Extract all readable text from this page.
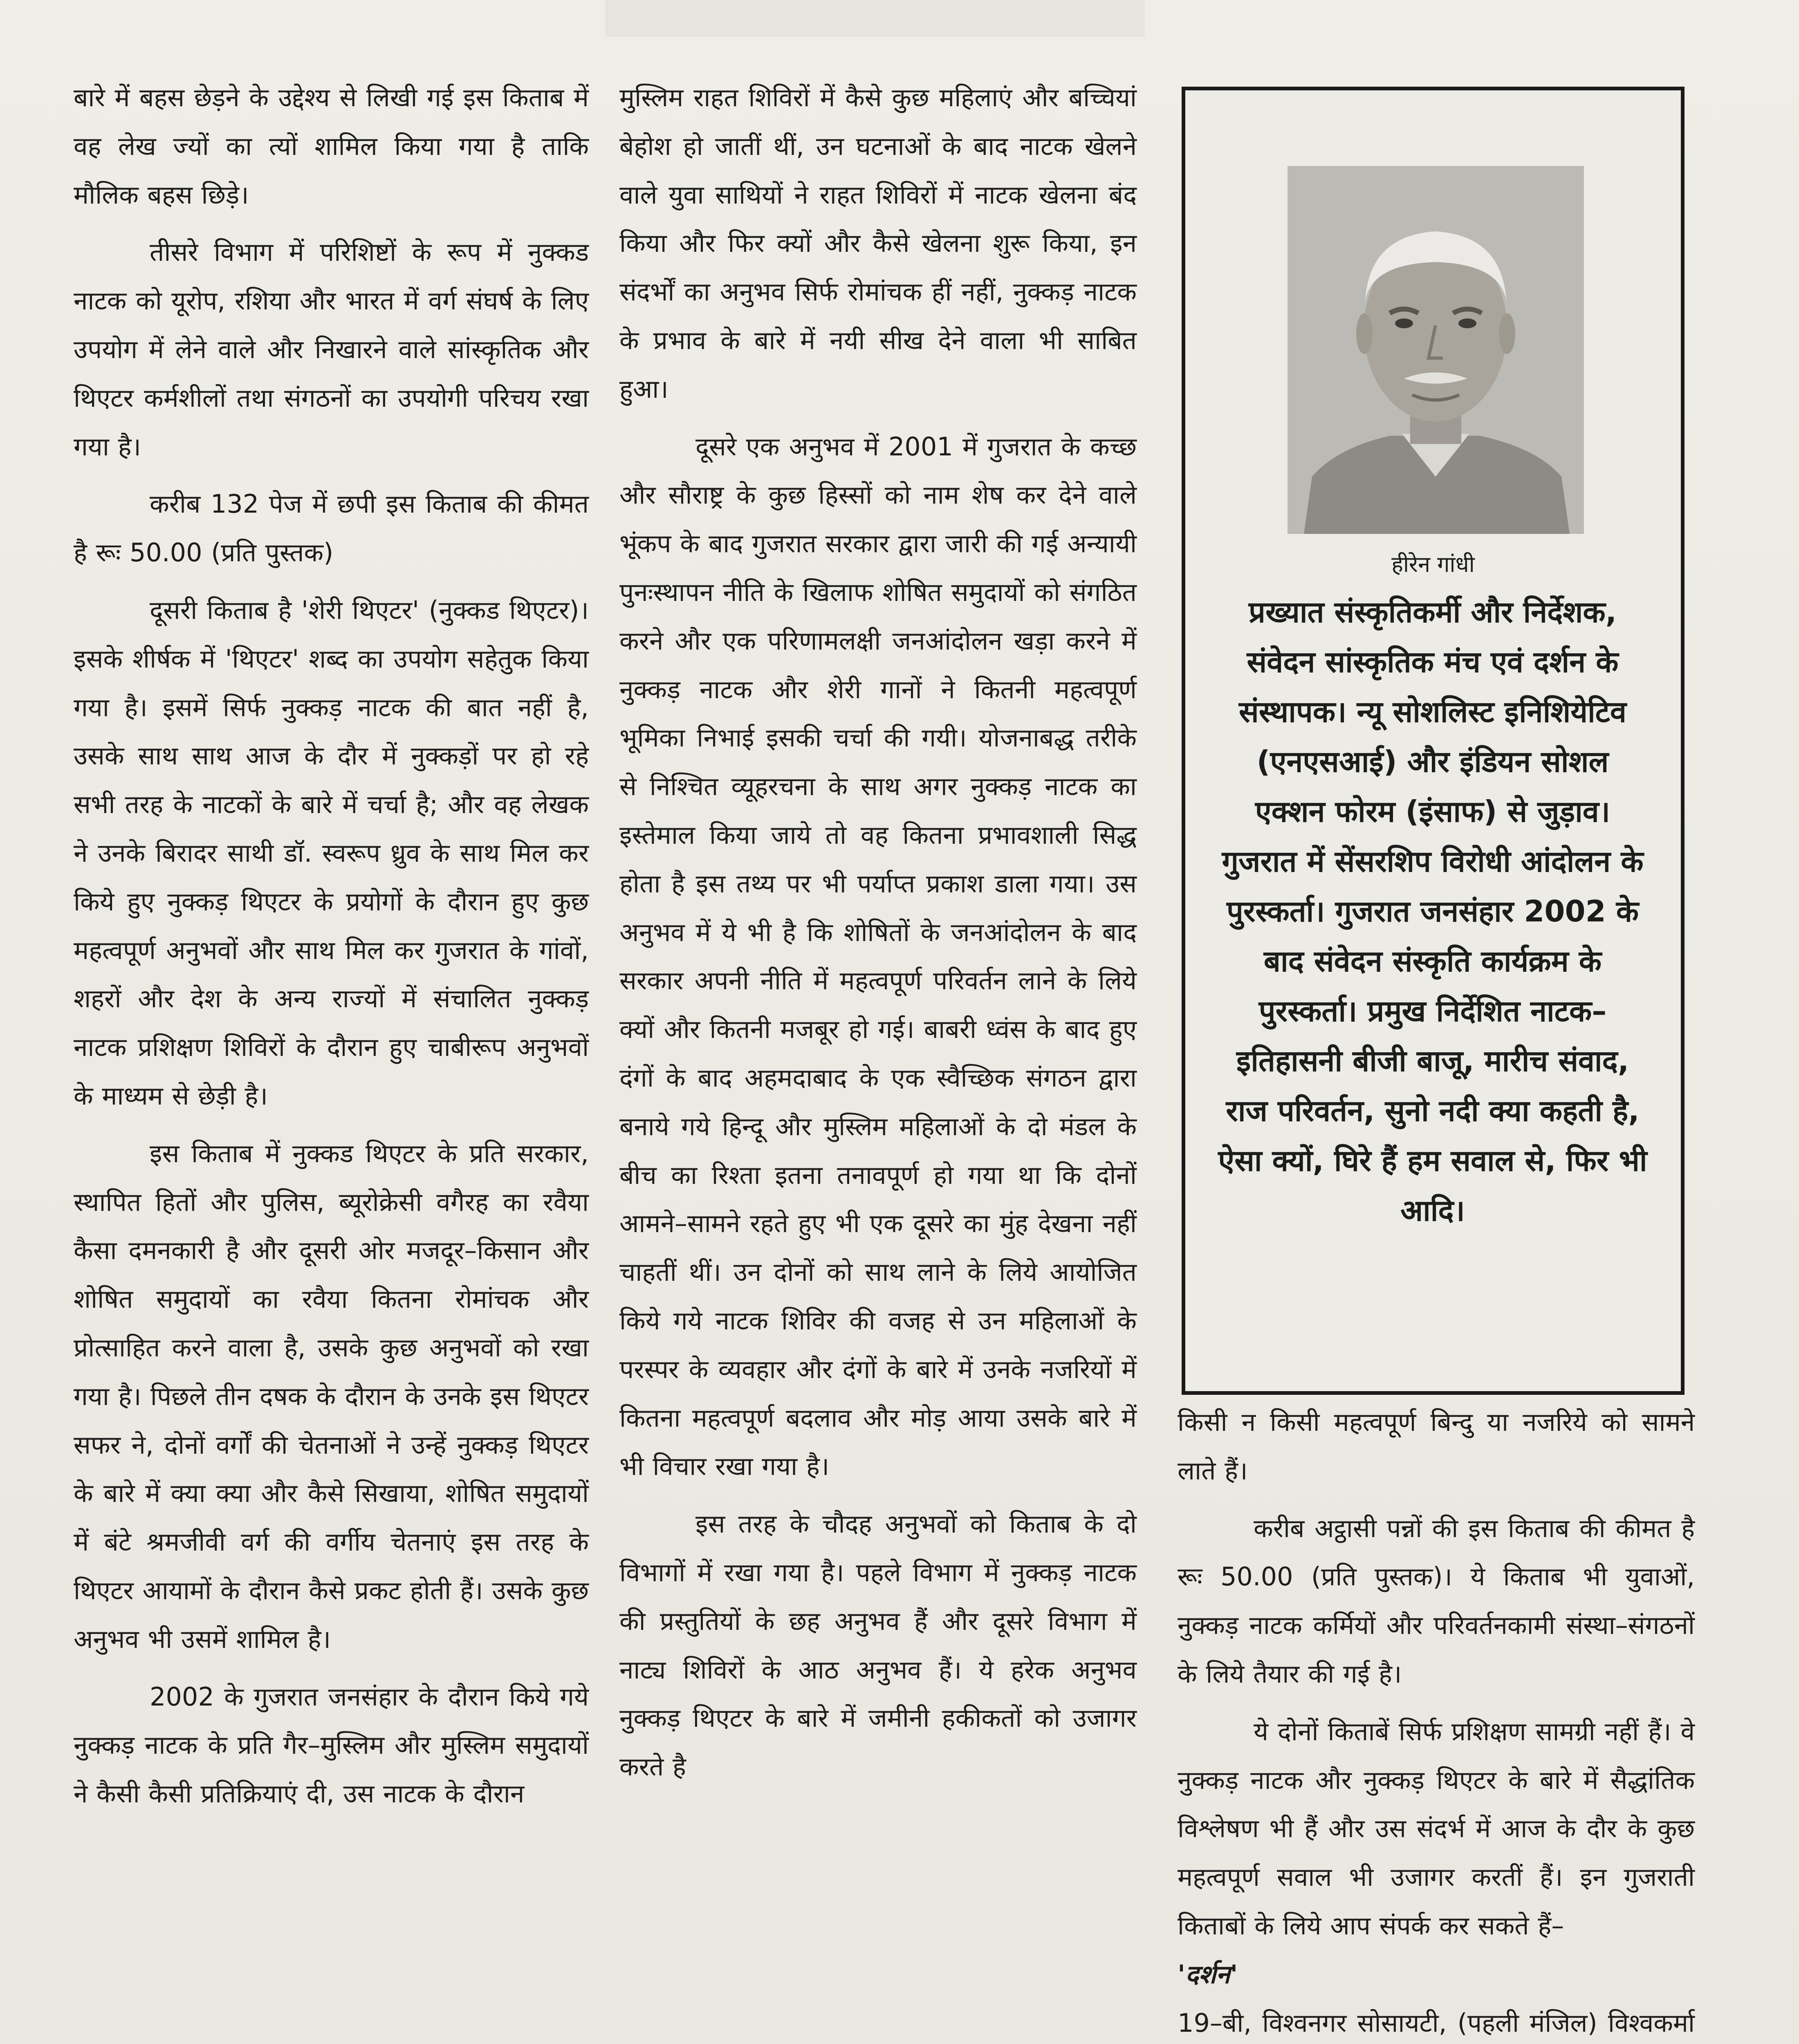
बारे में बहस छेड़ने के उद्देश्य से लिखी गई इस किताब में वह लेख ज्यों का त्यों शामिल किया गया है ताकि मौलिक बहस छिड़े।

तीसरे विभाग में परिशिष्टों के रूप में नुक्कड नाटक को यूरोप, रशिया और भारत में वर्ग संघर्ष के लिए उपयोग में लेने वाले और निखारने वाले सांस्कृतिक और थिएटर कर्मशीलों तथा संगठनों का उपयोगी परिचय रखा गया है।

करीब 132 पेज में छपी इस किताब की कीमत है रूः 50.00 (प्रति पुस्तक)

दूसरी किताब है 'शेरी थिएटर' (नुक्कड थिएटर)। इसके शीर्षक में 'थिएटर' शब्द का उपयोग सहेतुक किया गया है। इसमें सिर्फ नुक्कड़ नाटक की बात नहीं है, उसके साथ साथ आज के दौर में नुक्कड़ों पर हो रहे सभी तरह के नाटकों के बारे में चर्चा है; और वह लेखक ने उनके बिरादर साथी डॉ. स्वरूप ध्रुव के साथ मिल कर किये हुए नुक्कड़ थिएटर के प्रयोगों के दौरान हुए कुछ महत्वपूर्ण अनुभवों और साथ मिल कर गुजरात के गांवों, शहरों और देश के अन्य राज्यों में संचालित नुक्कड़ नाटक प्रशिक्षण शिविरों के दौरान हुए चाबीरूप अनुभवों के माध्यम से छेड़ी है।

इस किताब में नुक्कड थिएटर के प्रति सरकार, स्थापित हितों और पुलिस, ब्यूरोक्रेसी वगैरह का रवैया कैसा दमनकारी है और दूसरी ओर मजदूर–किसान और शोषित समुदायों का रवैया कितना रोमांचक और प्रोत्साहित करने वाला है, उसके कुछ अनुभवों को रखा गया है। पिछले तीन दषक के दौरान के उनके इस थिएटर सफर ने, दोनों वर्गों की चेतनाओं ने उन्हें नुक्कड़ थिएटर के बारे में क्या क्या और कैसे सिखाया, शोषित समुदायों में बंटे श्रमजीवी वर्ग की वर्गीय चेतनाएं इस तरह के थिएटर आयामों के दौरान कैसे प्रकट होती हैं। उसके कुछ अनुभव भी उसमें शामिल है।

2002 के गुजरात जनसंहार के दौरान किये गये नुक्कड़ नाटक के प्रति गैर–मुस्लिम और मुस्लिम समुदायों ने कैसी कैसी प्रतिक्रियाएं दी, उस नाटक के दौरान

मुस्लिम राहत शिविरों में कैसे कुछ महिलाएं और बच्चियां बेहोश हो जातीं थीं, उन घटनाओं के बाद नाटक खेलने वाले युवा साथियों ने राहत शिविरों में नाटक खेलना बंद किया और फिर क्यों और कैसे खेलना शुरू किया, इन संदर्भों का अनुभव सिर्फ रोमांचक हीं नहीं, नुक्कड़ नाटक के प्रभाव के बारे में नयी सीख देने वाला भी साबित हुआ।

दूसरे एक अनुभव में 2001 में गुजरात के कच्छ और सौराष्ट्र के कुछ हिस्सों को नाम शेष कर देने वाले भूंकप के बाद गुजरात सरकार द्वारा जारी की गई अन्यायी पुनःस्थापन नीति के खिलाफ शोषित समुदायों को संगठित करने और एक परिणामलक्षी जनआंदोलन खड़ा करने में नुक्कड़ नाटक और शेरी गानों ने कितनी महत्वपूर्ण भूमिका निभाई इसकी चर्चा की गयी। योजनाबद्ध तरीके से निश्चित व्यूहरचना के साथ अगर नुक्कड़ नाटक का इस्तेमाल किया जाये तो वह कितना प्रभावशाली सिद्ध होता है इस तथ्य पर भी पर्याप्त प्रकाश डाला गया। उस अनुभव में ये भी है कि शोषितों के जनआंदोलन के बाद सरकार अपनी नीति में महत्वपूर्ण परिवर्तन लाने के लिये क्यों और कितनी मजबूर हो गई। बाबरी ध्वंस के बाद हुए दंगों के बाद अहमदाबाद के एक स्वैच्छिक संगठन द्वारा बनाये गये हिन्दू और मुस्लिम महिलाओं के दो मंडल के बीच का रिश्ता इतना तनावपूर्ण हो गया था कि दोनों आमने–सामने रहते हुए भी एक दूसरे का मुंह देखना नहीं चाहतीं थीं। उन दोनों को साथ लाने के लिये आयोजित किये गये नाटक शिविर की वजह से उन महिलाओं के परस्पर के व्यवहार और दंगों के बारे में उनके नजरियों में कितना महत्वपूर्ण बदलाव और मोड़ आया उसके बारे में भी विचार रखा गया है।

इस तरह के चौदह अनुभवों को किताब के दो विभागों में रखा गया है। पहले विभाग में नुक्कड़ नाटक की प्रस्तुतियों के छह अनुभव हैं और दूसरे विभाग में नाट्य शिविरों के आठ अनुभव हैं। ये हरेक अनुभव नुक्कड़ थिएटर के बारे में जमीनी हकीकतों को उजागर करते है

हीरेन गांधी
प्रख्यात संस्कृतिकर्मी और निर्देशक, संवेदन सांस्कृतिक मंच एवं दर्शन के संस्थापक। न्यू सोशलिस्ट इनिशियेटिव (एनएसआई) और इंडियन सोशल एक्शन फोरम (इंसाफ) से जुड़ाव। गुजरात में सेंसरशिप विरोधी आंदोलन के पुरस्कर्ता। गुजरात जनसंहार 2002 के बाद संवेदन संस्कृति कार्यक्रम के पुरस्कर्ता। प्रमुख निर्देशित नाटक– इतिहासनी बीजी बाजू, मारीच संवाद, राज परिवर्तन, सुनो नदी क्या कहती है, ऐसा क्यों, घिरे हैं हम सवाल से, फिर भी आदि।

किसी न किसी महत्वपूर्ण बिन्दु या नजरिये को सामने लाते हैं।

करीब अट्ठासी पन्नों की इस किताब की कीमत है रूः 50.00 (प्रति पुस्तक)। ये किताब भी युवाओं, नुक्कड़ नाटक कर्मियों और परिवर्तनकामी संस्था–संगठनों के लिये तैयार की गई है।

ये दोनों किताबें सिर्फ प्रशिक्षण सामग्री नहीं हैं। वे नुक्कड़ नाटक और नुक्कड़ थिएटर के बारे में सैद्धांतिक विश्लेषण भी हैं और उस संदर्भ में आज के दौर के कुछ महत्वपूर्ण सवाल भी उजागर करतीं हैं। इन गुजराती किताबों के लिये आप संपर्क कर सकते हैं–

'दर्शन'

19–बी, विश्वनगर सोसायटी, (पहली मंजिल) विश्वकर्मा
